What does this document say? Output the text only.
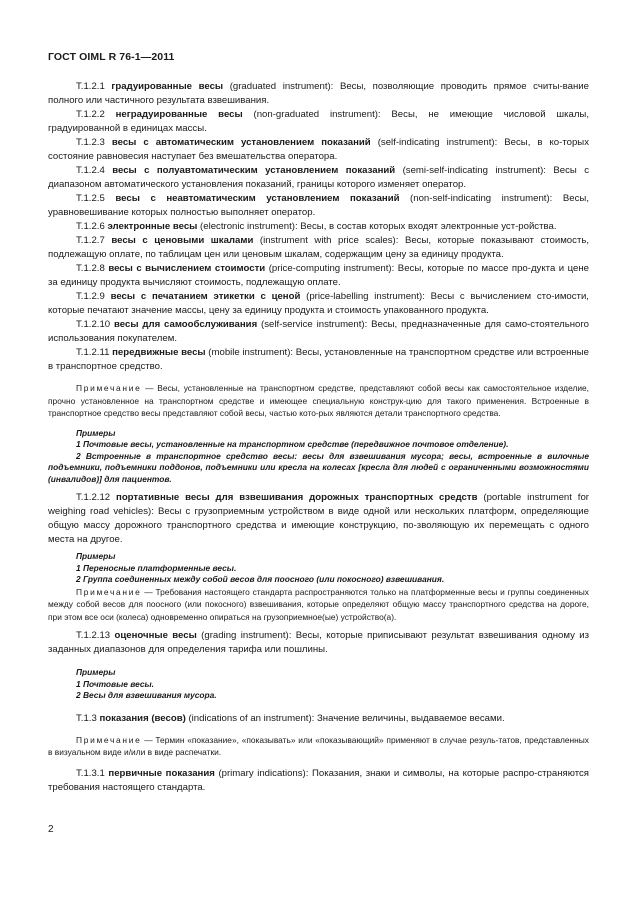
ГОСТ OIML R 76-1—2011

Т.1.2.1 градуированные весы (graduated instrument): Весы, позволяющие проводить прямое считы-вание полного или частичного результата взвешивания.

Т.1.2.2 неградуированные весы (non-graduated instrument): Весы, не имеющие числовой шкалы, градуированной в единицах массы.

Т.1.2.3 весы с автоматическим установлением показаний (self-indicating instrument): Весы, в ко-торых состояние равновесия наступает без вмешательства оператора.

Т.1.2.4 весы с полуавтоматическим установлением показаний (semi-self-indicating instrument): Весы с диапазоном автоматического установления показаний, границы которого изменяет оператор.

Т.1.2.5 весы с неавтоматическим установлением показаний (non-self-indicating instrument): Весы, уравновешивание которых полностью выполняет оператор.

Т.1.2.6 электронные весы (electronic instrument): Весы, в состав которых входят электронные уст-ройства.

Т.1.2.7 весы с ценовыми шкалами (instrument with price scales): Весы, которые показывают стоимость, подлежащую оплате, по таблицам цен или ценовым шкалам, содержащим цену за единицу продукта.

Т.1.2.8 весы с вычислением стоимости (price-computing instrument): Весы, которые по массе про-дукта и цене за единицу продукта вычисляют стоимость, подлежащую оплате.

Т.1.2.9 весы с печатанием этикетки с ценой (price-labelling instrument): Весы с вычислением сто-имости, которые печатают значение массы, цену за единицу продукта и стоимость упакованного продукта.

Т.1.2.10 весы для самообслуживания (self-service instrument): Весы, предназначенные для само-стоятельного использования покупателем.

Т.1.2.11 передвижные весы (mobile instrument): Весы, установленные на транспортном средстве или встроенные в транспортное средство.

Примечание — Весы, установленные на транспортном средстве, представляют собой весы как самостоятельное изделие, прочно установленное на транспортном средстве и имеющее специальную конструк-цию для такого применения. Встроенные в транспортное средство весы представляют собой весы, частью кото-рых являются детали транспортного средства.

Примеры

1 Почтовые весы, установленные на транспортном средстве (передвижное почтовое отделение).

2 Встроенные в транспортное средство весы: весы для взвешивания мусора; весы, встроенные в вилочные подъемники, подъемники поддонов, подъемники или кресла на колесах [кресла для людей с ограниченными возможностями (инвалидов)] для пациентов.

Т.1.2.12 портативные весы для взвешивания дорожных транспортных средств (portable instrument for weighing road vehicles): Весы с грузоприемным устройством в виде одной или нескольких платформ, определяющие общую массу дорожного транспортного средства и имеющие конструкцию, по-зволяющую их перемещать с одного места на другое.

Примеры

1 Переносные платформенные весы.

2 Группа соединенных между собой весов для поосного (или покосного) взвешивания.

Примечание — Требования настоящего стандарта распространяются только на платформенные весы и группы соединенных между собой весов для поосного (или покосного) взвешивания, которые определяют общую массу транспортного средства на дороге, при этом все оси (колеса) одновременно опираться на грузоприемное(ые) устройство(а).

Т.1.2.13 оценочные весы (grading instrument): Весы, которые приписывают результат взвешивания одному из заданных диапазонов для определения тарифа или пошлины.

Примеры

1 Почтовые весы.

2 Весы для взвешивания мусора.

Т.1.3 показания (весов) (indications of an instrument): Значение величины, выдаваемое весами.

Примечание — Термин «показание», «показывать» или «показывающий» применяют в случае резуль-татов, представленных в визуальном виде и/или в виде распечатки.

Т.1.3.1 первичные показания (primary indications): Показания, знаки и символы, на которые распро-страняются требования настоящего стандарта.

2
